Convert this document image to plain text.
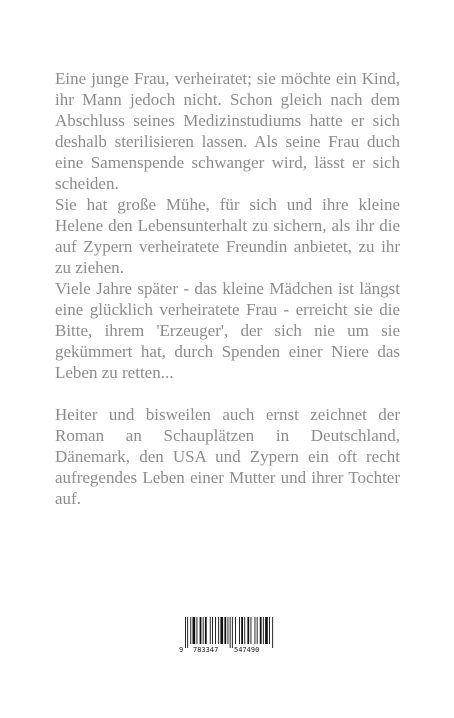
Eine junge Frau, verheiratet; sie möchte ein Kind, ihr Mann jedoch nicht. Schon gleich nach dem Abschluss seines Medizinstudiums hatte er sich deshalb sterilisieren lassen. Als seine Frau duch eine Samenspende schwanger wird, lässt er sich scheiden.

Sie hat große Mühe, für sich und ihre kleine Helene den Lebensunterhalt zu sichern, als ihr die auf Zypern verheiratete Freundin anbietet, zu ihr zu ziehen.

Viele Jahre später - das kleine Mädchen ist längst eine glücklich verheiratete Frau - erreicht sie die Bitte, ihrem 'Erzeuger', der sich nie um sie gekümmert hat, durch Spenden einer Niere das Leben zu retten...

Heiter und bisweilen auch ernst zeichnet der Roman an Schauplätzen in Deutschland, Dänemark, den USA und Zypern ein oft recht aufregendes Leben einer Mutter und ihrer Tochter auf.

9 783347 547490
